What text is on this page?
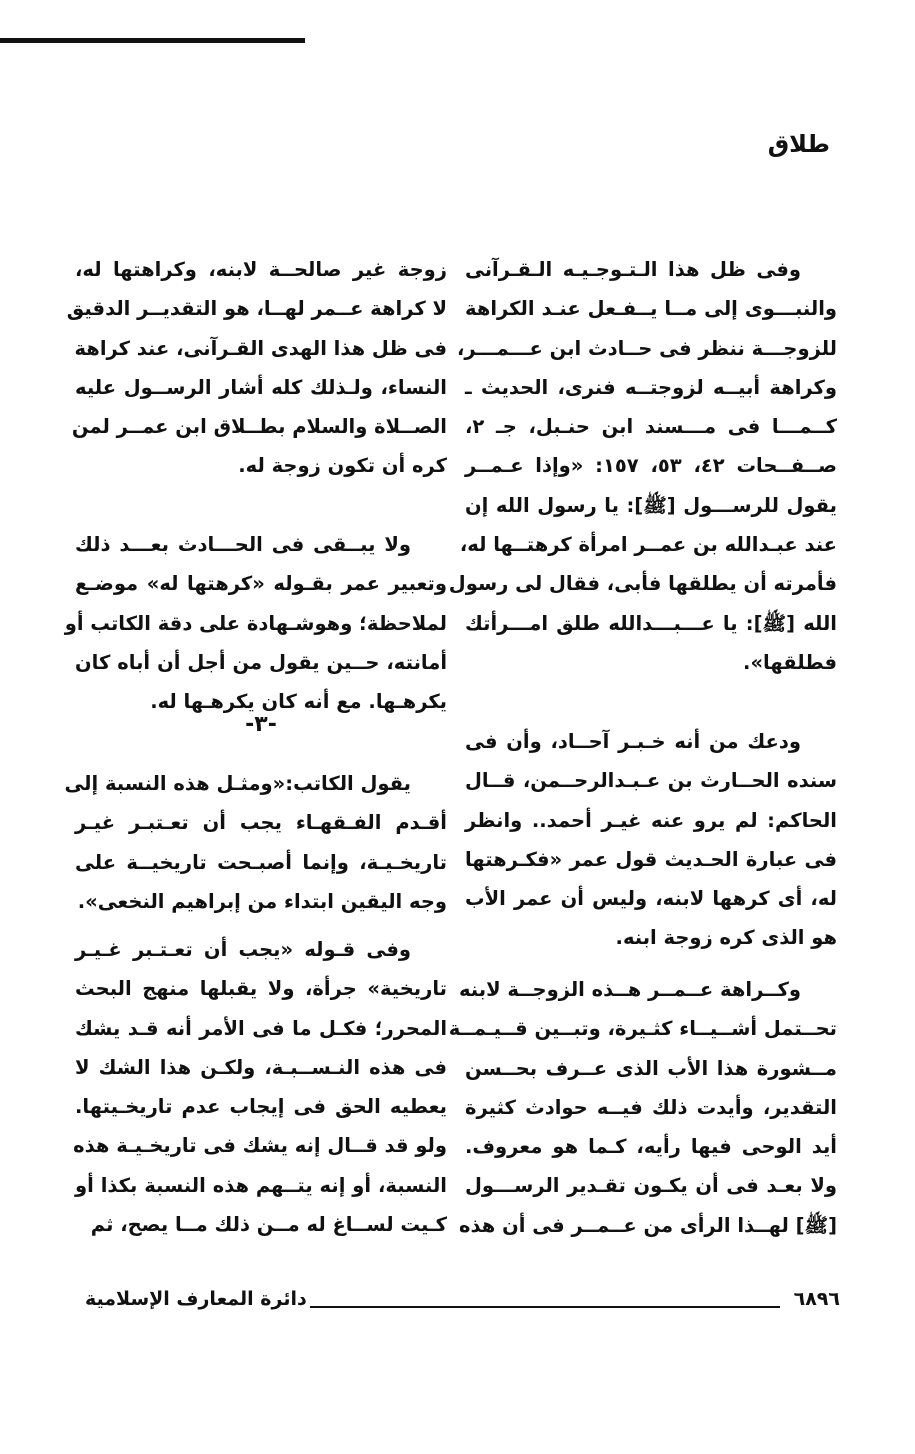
طلاق
وفى ظل هذا الـتـوجـيـه الـقـرآنى
والنبـــوى إلى مــا يــفـعل عنـد الكراهة
للزوجـــة ننظر فى حــادث ابن عـــمـــر،
وكراهة أبيــه لزوجتــه فنرى، الحديث ـ
كــمـــا فى مـــسند ابن حنـبل، جـ ٢،
صــفــحات ٤٢، ٥٣، ١٥٧: «وإذا عـمــر
يقول للرســـول [ﷺ]: يا رسول الله إن
عند عبـدالله بن عمــر امرأة كرهتــها له،
فأمرته أن يطلقها فأبى، فقال لى رسول
الله [ﷺ]: يا عـــبـــدالله طلق امـــرأتك
فطلقها».
ودعك من أنه خـبـر آحــاد، وأن فى
سنده الحــارث بن عـبـدالرحــمن، قــال
الحاكم: لم يرو عنه غيـر أحمد.. وانظر
فى عبارة الحـديث قول عمر «فكـرهتها
له، أى كرهها لابنه، وليس أن عمر الأب
هو الذى كره زوجة ابنه.
وكــراهة عــمــر هــذه الزوجــة لابنه
تحــتمل أشــيــاء كثـيرة، وتبــين قــيـمــة
مــشورة هذا الأب الذى عــرف بحــسن
التقدير، وأيدت ذلك فيــه حوادث كثيرة
أيد الوحى فيها رأيه، كـما هو معروف.
ولا بعـد فى أن يكـون تقـدير الرســـول
[ﷺ] لهــذا الرأى من عــمــر فى أن هذه
زوجة غير صالحــة لابنه، وكراهتها له،
لا كراهة عــمر لهــا، هو التقديــر الدقيق
فى ظل هذا الهدى القـرآنى، عند كراهة
النساء، ولـذلك كله أشار الرســول عليه
الصــلاة والسلام بطــلاق ابن عمــر لمن
كره أن تكون زوجة له.
ولا يبــقى فى الحـــادث بعـــد ذلك
وتعبير عمر بقـوله «كرهتها له» موضـع
لملاحظة؛ وهوشـهادة على دقة الكاتب أو
أمانته، حــين يقول من أجل أن أباه كان
يكرهـها. مع أنه كان يكرهـها له.
-٣-
يقول الكاتب:«ومثـل هذه النسبة إلى
أقـدم الفـقهـاء يجب أن تعـتبـر غيـر
تاريخـيـة، وإنما أصبـحت تاريخيــة على
وجه اليقين ابتداء من إبراهيم النخعى».
وفى قـوله «يجب أن تعـتـبر غـيـر
تاريخية» جرأة، ولا يقبلها منهج البحث
المحرر؛ فكـل ما فى الأمر أنه قـد يشك
فى هذه النـســبـة، ولكـن هذا الشك لا
يعطيه الحق فى إيجاب عدم تاريخـيتها.
ولو قد قــال إنه يشك فى تاريخـيـة هذه
النسبة، أو إنه يتــهم هذه النسبة بكذا أو
كـيت لســاغ له مــن ذلك مــا يصح، ثم
٦٨٩٦
دائرة المعارف الإسلامية
